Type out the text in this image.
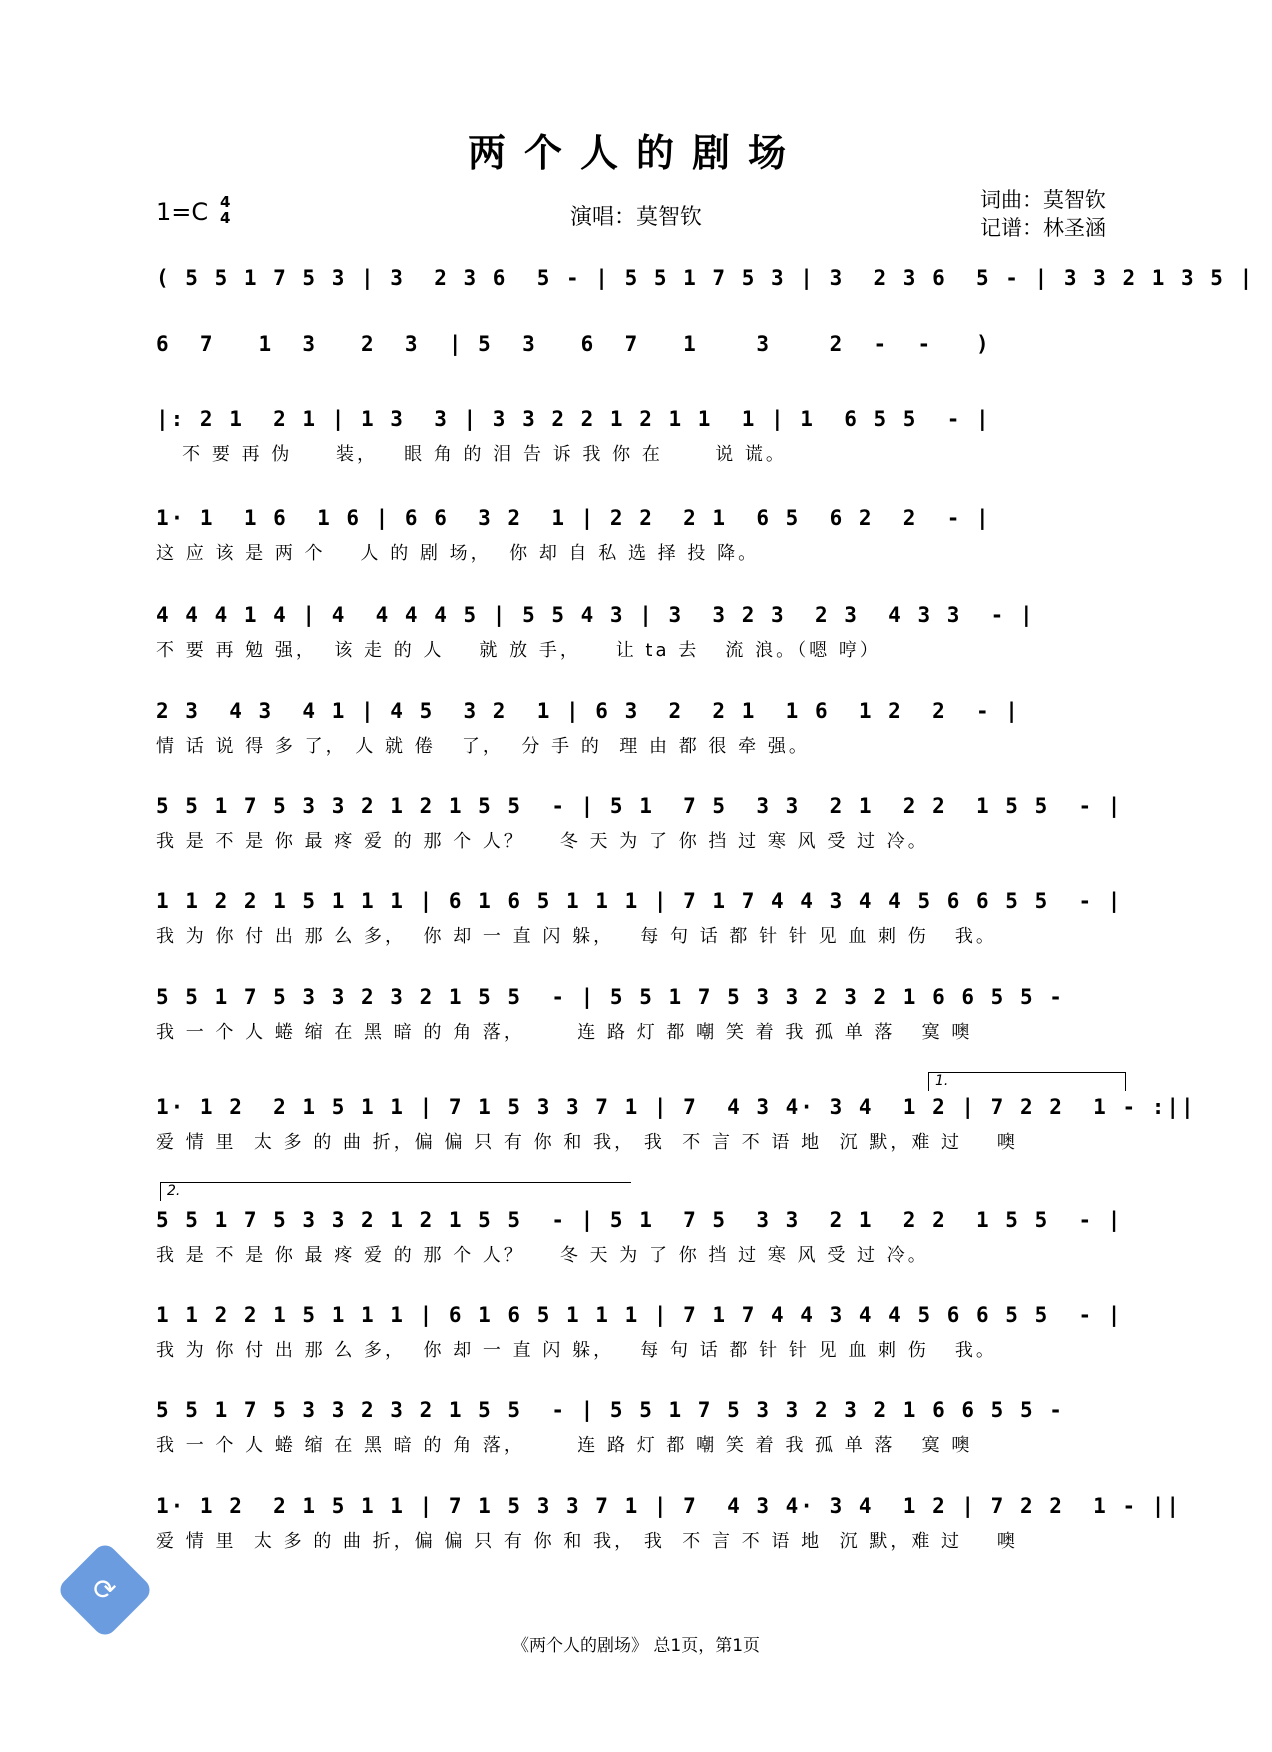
两个人的剧场
1=C 4
4	演唱：莫智钦
词曲：莫智钦
记谱：林圣涵
( 5 5 1 7 5 3 | 3  2 3 6  5 - | 5 5 1 7 5 3 | 3  2 3 6  5 - | 3 3 2 1 3 5 |
6  7   1  3   2  3  | 5  3   6  7   1    3    2  -  -   )
|: 2 1  2 1 | 1 3  3 | 3 3 2 2 1 2 1 1  1 | 1  6 5 5  - |
不 要 再 伪     装，   眼 角 的 泪 告 诉 我 你 在      说 谎。
1· 1  1 6  1 6 | 6 6  3 2  1 | 2 2  2 1  6 5  6 2  2  - |
这 应 该 是 两 个    人 的 剧 场，  你 却 自 私 选 择 投 降。
4 4 4 1 4 | 4  4 4 4 5 | 5 5 4 3 | 3  3 2 3  2 3  4 3 3  - |
不 要 再 勉 强，  该 走 的 人    就 放 手，    让 ta 去   流 浪。（嗯 哼）
2 3  4 3  4 1 | 4 5  3 2  1 | 6 3  2  2 1  1 6  1 2  2  - |
情 话 说 得 多 了， 人 就 倦   了，  分 手 的  理 由 都 很 牵 强。
5 5 1 7 5 3 3 2 1 2 1 5 5  - | 5 1  7 5  3 3  2 1  2 2  1 5 5  - |
我 是 不 是 你 最 疼 爱 的 那 个 人？    冬 天 为 了 你 挡 过 寒 风 受 过 冷。
1 1 2 2 1 5 1 1 1 | 6 1 6 5 1 1 1 | 7 1 7 4 4 3 4 4 5 6 6 5 5  - |
我 为 你 付 出 那 么 多，  你 却 一 直 闪 躲，   每 句 话 都 针 针 见 血 刺 伤   我。
5 5 1 7 5 3 3 2 3 2 1 5 5  - | 5 5 1 7 5 3 3 2 3 2 1 6 6 5 5 -
我 一 个 人 蜷 缩 在 黑 暗 的 角 落，      连 路 灯 都 嘲 笑 着 我 孤 单 落   寞 噢
1.
1· 1 2  2 1 5 1 1 | 7 1 5 3 3 7 1 | 7  4 3 4· 3 4  1 2 | 7 2 2  1 - :||
爱 情 里  太 多 的 曲 折，偏 偏 只 有 你 和 我， 我  不 言 不 语 地  沉 默，难 过    噢
2.
5 5 1 7 5 3 3 2 1 2 1 5 5  - | 5 1  7 5  3 3  2 1  2 2  1 5 5  - |
我 是 不 是 你 最 疼 爱 的 那 个 人？    冬 天 为 了 你 挡 过 寒 风 受 过 冷。
1 1 2 2 1 5 1 1 1 | 6 1 6 5 1 1 1 | 7 1 7 4 4 3 4 4 5 6 6 5 5  - |
我 为 你 付 出 那 么 多，  你 却 一 直 闪 躲，   每 句 话 都 针 针 见 血 刺 伤   我。
5 5 1 7 5 3 3 2 3 2 1 5 5  - | 5 5 1 7 5 3 3 2 3 2 1 6 6 5 5 -
我 一 个 人 蜷 缩 在 黑 暗 的 角 落，      连 路 灯 都 嘲 笑 着 我 孤 单 落   寞 噢
1· 1 2  2 1 5 1 1 | 7 1 5 3 3 7 1 | 7  4 3 4· 3 4  1 2 | 7 2 2  1 - ||
爱 情 里  太 多 的 曲 折，偏 偏 只 有 你 和 我， 我  不 言 不 语 地  沉 默，难 过    噢
《两个人的剧场》 总1页，第1页
⟳
